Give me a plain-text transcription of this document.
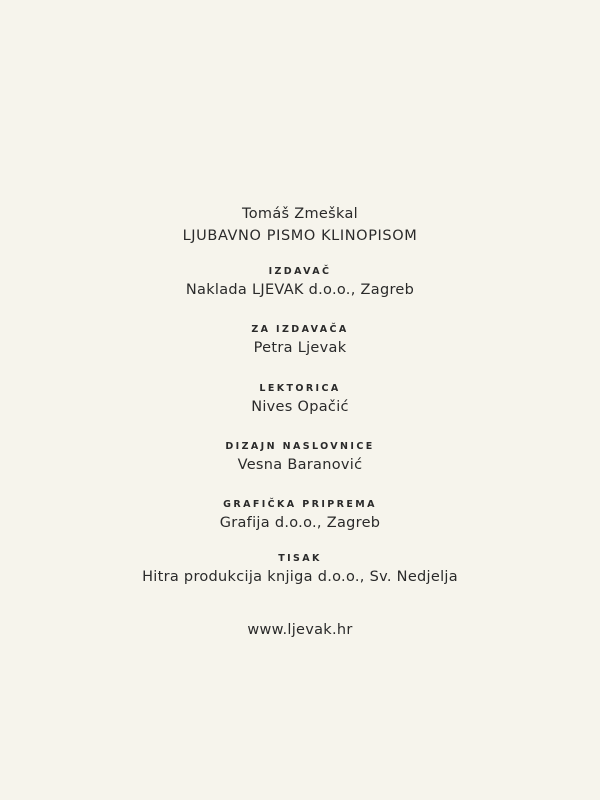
Tomáš Zmeškal
LJUBAVNO PISMO KLINOPISOM
IZDAVAČ
Naklada LJEVAK d.o.o., Zagreb
ZA IZDAVAČA
Petra Ljevak
LEKTORICA
Nives Opačić
DIZAJN NASLOVNICE
Vesna Baranović
GRAFIČKA PRIPREMA
Grafija d.o.o., Zagreb
TISAK
Hitra produkcija knjiga d.o.o., Sv. Nedjelja
www.ljevak.hr
